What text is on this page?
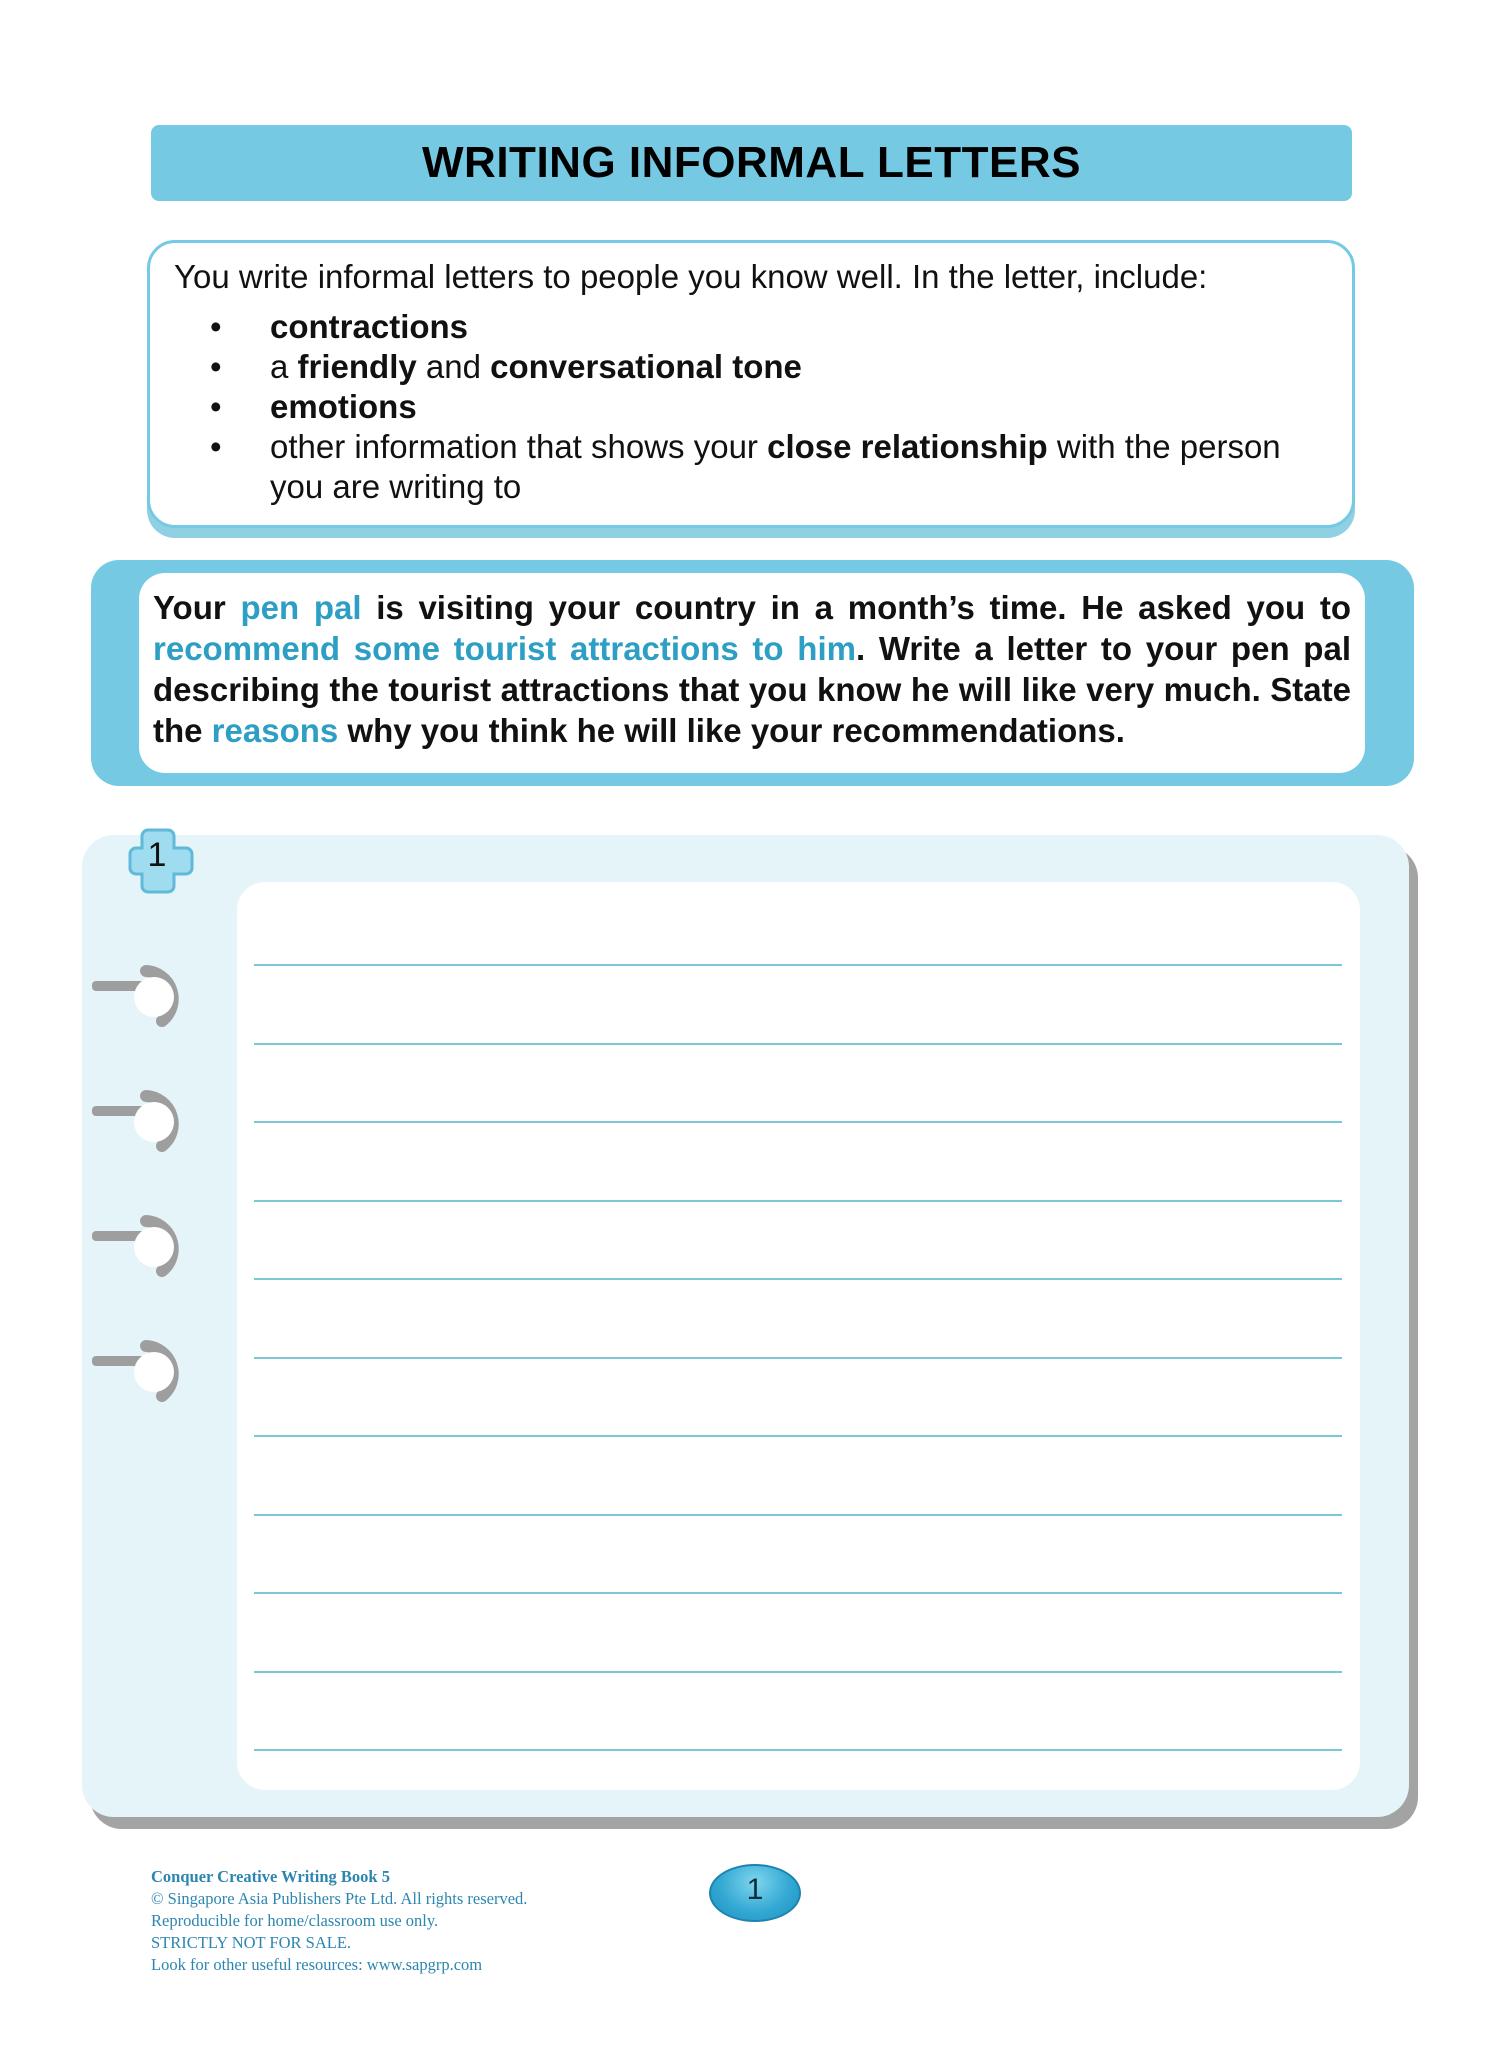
WRITING INFORMAL LETTERS
You write informal letters to people you know well. In the letter, include:
• contractions
• a friendly and conversational tone
• emotions
• other information that shows your close relationship with the person you are writing to

Your pen pal is visiting your country in a month’s time. He asked you to recommend some tourist attractions to him. Write a letter to your pen pal describing the tourist attractions that you know he will like very much. State the reasons why you think he will like your recommendations.

1
Conquer Creative Writing Book 5
© Singapore Asia Publishers Pte Ltd. All rights reserved.
Reproducible for home/classroom use only.
STRICTLY NOT FOR SALE.
Look for other useful resources: www.sapgrp.com
1
